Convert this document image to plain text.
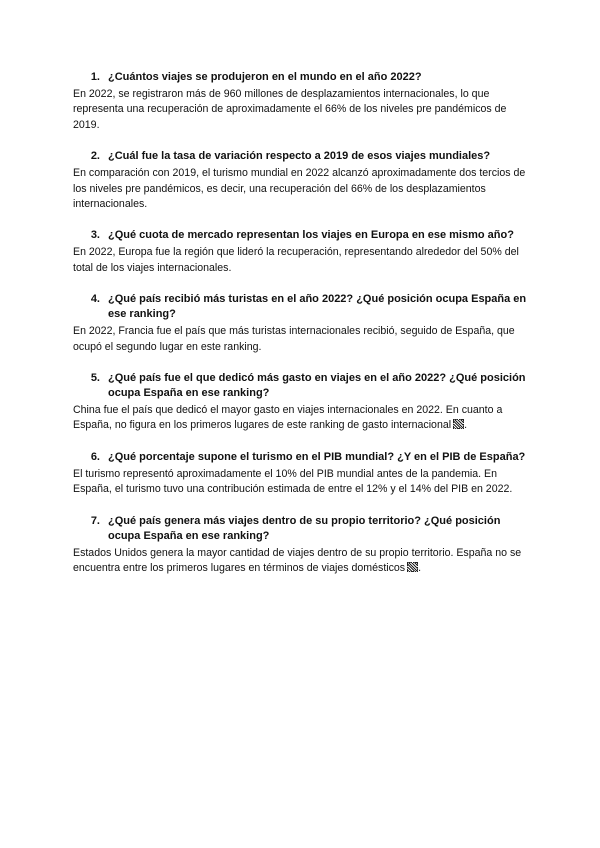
1. ¿Cuántos viajes se produjeron en el mundo en el año 2022?

En 2022, se registraron más de 960 millones de desplazamientos internacionales, lo que representa una recuperación de aproximadamente el 66% de los niveles pre pandémicos de 2019.

2. ¿Cuál fue la tasa de variación respecto a 2019 de esos viajes mundiales?

En comparación con 2019, el turismo mundial en 2022 alcanzó aproximadamente dos tercios de los niveles pre pandémicos, es decir, una recuperación del 66% de los desplazamientos internacionales.

3. ¿Qué cuota de mercado representan los viajes en Europa en ese mismo año?

En 2022, Europa fue la región que lideró la recuperación, representando alrededor del 50% del total de los viajes internacionales.

4. ¿Qué país recibió más turistas en el año 2022? ¿Qué posición ocupa España en ese ranking?

En 2022, Francia fue el país que más turistas internacionales recibió, seguido de España, que ocupó el segundo lugar en este ranking.

5. ¿Qué país fue el que dedicó más gasto en viajes en el año 2022? ¿Qué posición ocupa España en ese ranking?

China fue el país que dedicó el mayor gasto en viajes internacionales en 2022. En cuanto a España, no figura en los primeros lugares de este ranking de gasto internacional .

6. ¿Qué porcentaje supone el turismo en el PIB mundial? ¿Y en el PIB de España?

El turismo representó aproximadamente el 10% del PIB mundial antes de la pandemia. En España, el turismo tuvo una contribución estimada de entre el 12% y el 14% del PIB en 2022.

7. ¿Qué país genera más viajes dentro de su propio territorio? ¿Qué posición ocupa España en ese ranking?

Estados Unidos genera la mayor cantidad de viajes dentro de su propio territorio. España no se encuentra entre los primeros lugares en términos de viajes domésticos .
